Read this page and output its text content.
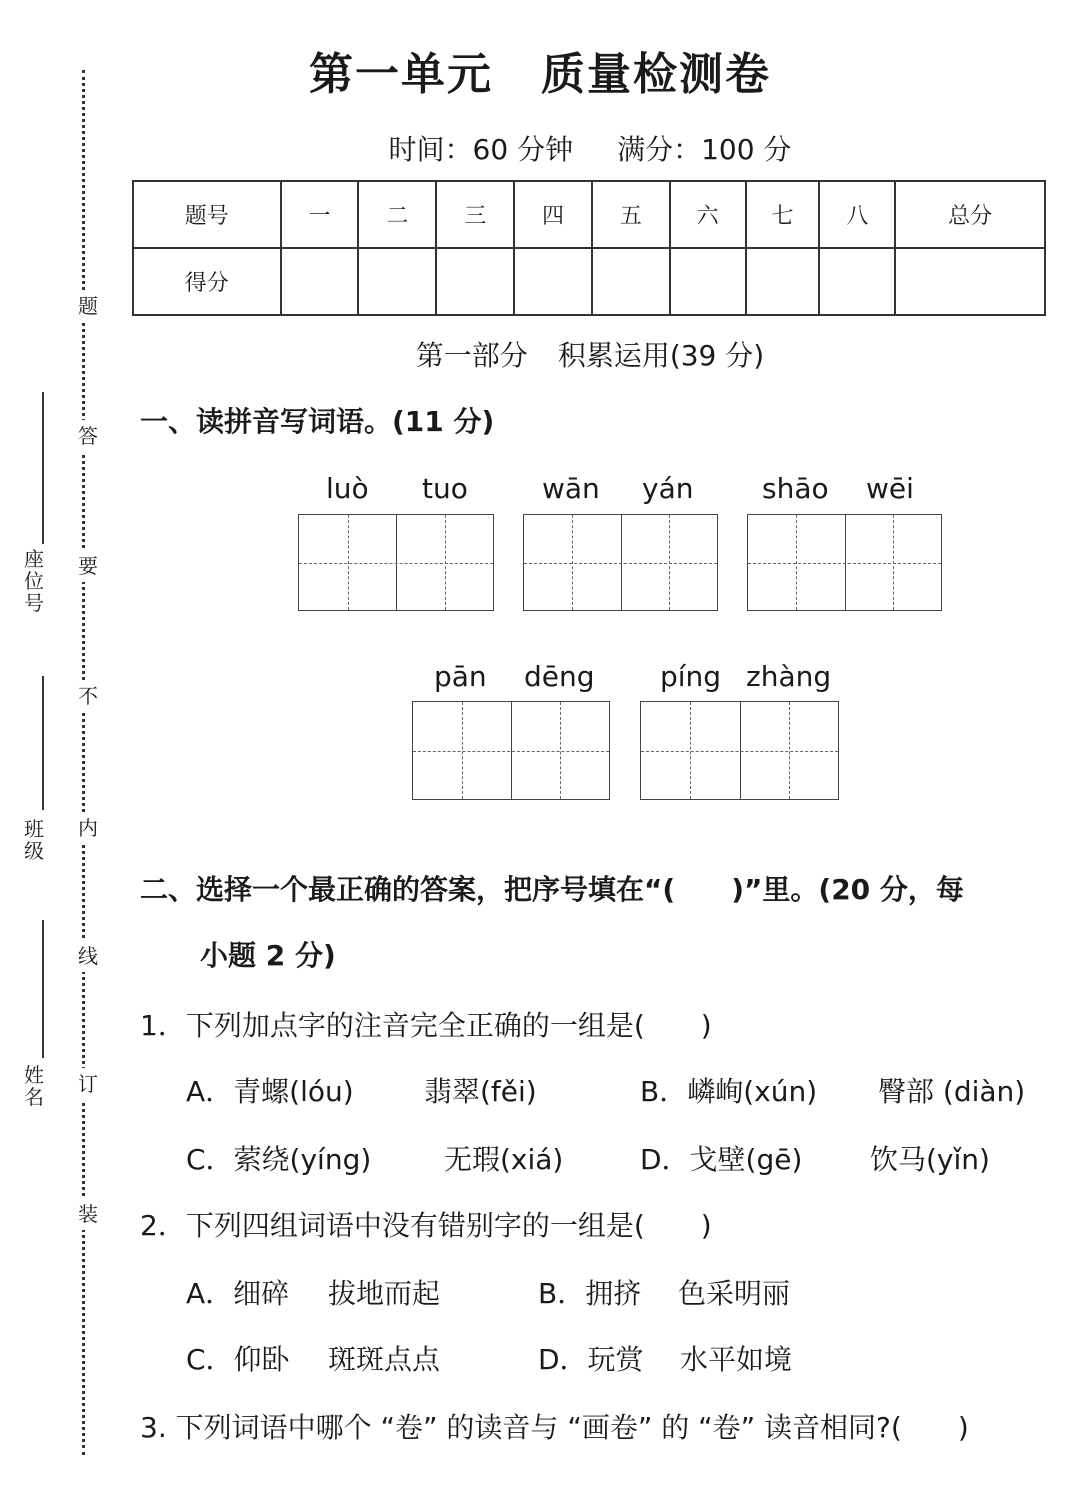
题
答
要
不
内
线
订
装
座位号
班级
姓名
第一单元 质量检测卷
时间：60 分钟 满分：100 分
题号	一	二	三	四	五	六	七	八	总分
得分									
第一部分 积累运用(39 分)
一、读拼音写词语。(11 分)
luò tuo	wān yán shāo wēi
pān dēng píng zhàng
二、选择一个最正确的答案，把序号填在“(　　)”里。(20 分，每
小题 2 分)
1．下列加点字的注音完全正确的一组是(　　)
A．青螺(lóu)	翡翠(fěi)	B．嶙峋(xún) 臀部 (diàn)
C．萦绕(yíng)	无瑕(xiá)	D．戈壁(gē) 饮马(yǐn)
2．下列四组词语中没有错别字的一组是(　　)
A．细碎 拔地而起	B．拥挤 色采明丽
C．仰卧 斑斑点点	D．玩赏 水平如境
3. 下列词语中哪个 “卷” 的读音与 “画卷” 的 “卷” 读音相同?(　　)
